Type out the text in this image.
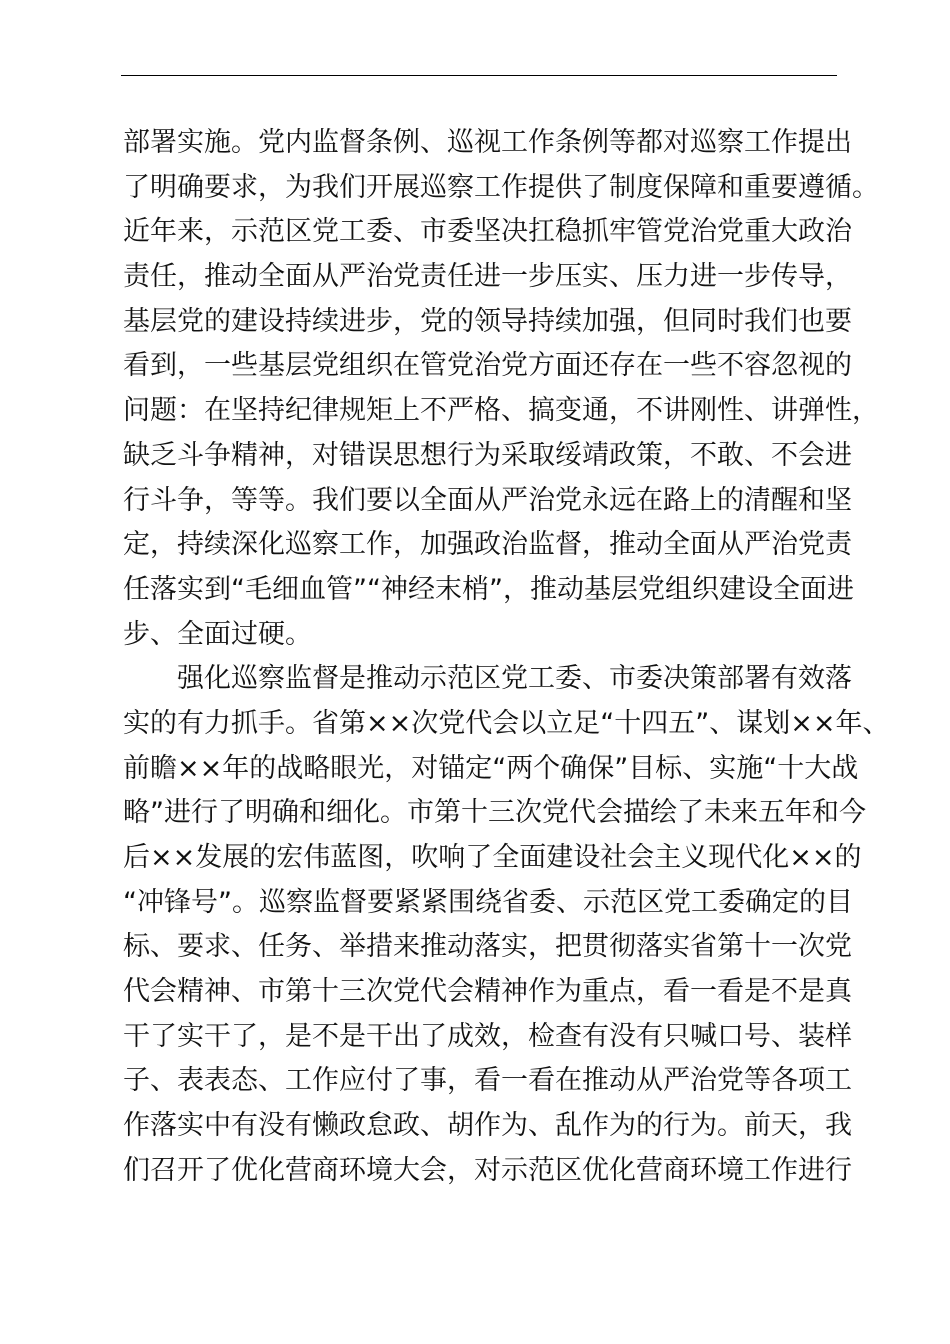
部署实施。党内监督条例、巡视工作条例等都对巡察工作提出
了明确要求，为我们开展巡察工作提供了制度保障和重要遵循。
近年来，示范区党工委、市委坚决扛稳抓牢管党治党重大政治
责任，推动全面从严治党责任进一步压实、压力进一步传导，
基层党的建设持续进步，党的领导持续加强，但同时我们也要
看到，一些基层党组织在管党治党方面还存在一些不容忽视的
问题：在坚持纪律规矩上不严格、搞变通，不讲刚性、讲弹性，
缺乏斗争精神，对错误思想行为采取绥靖政策，不敢、不会进
行斗争，等等。我们要以全面从严治党永远在路上的清醒和坚
定，持续深化巡察工作，加强政治监督，推动全面从严治党责
任落实到“毛细血管”“神经末梢”，推动基层党组织建设全面进
步、全面过硬。
强化巡察监督是推动示范区党工委、市委决策部署有效落
实的有力抓手。省第××次党代会以立足“十四五”、谋划××年、
前瞻××年的战略眼光，对锚定“两个确保”目标、实施“十大战
略”进行了明确和细化。市第十三次党代会描绘了未来五年和今
后××发展的宏伟蓝图，吹响了全面建设社会主义现代化××的
“冲锋号”。巡察监督要紧紧围绕省委、示范区党工委确定的目
标、要求、任务、举措来推动落实，把贯彻落实省第十一次党
代会精神、市第十三次党代会精神作为重点，看一看是不是真
干了实干了，是不是干出了成效，检查有没有只喊口号、装样
子、表表态、工作应付了事，看一看在推动从严治党等各项工
作落实中有没有懒政怠政、胡作为、乱作为的行为。前天，我
们召开了优化营商环境大会，对示范区优化营商环境工作进行
